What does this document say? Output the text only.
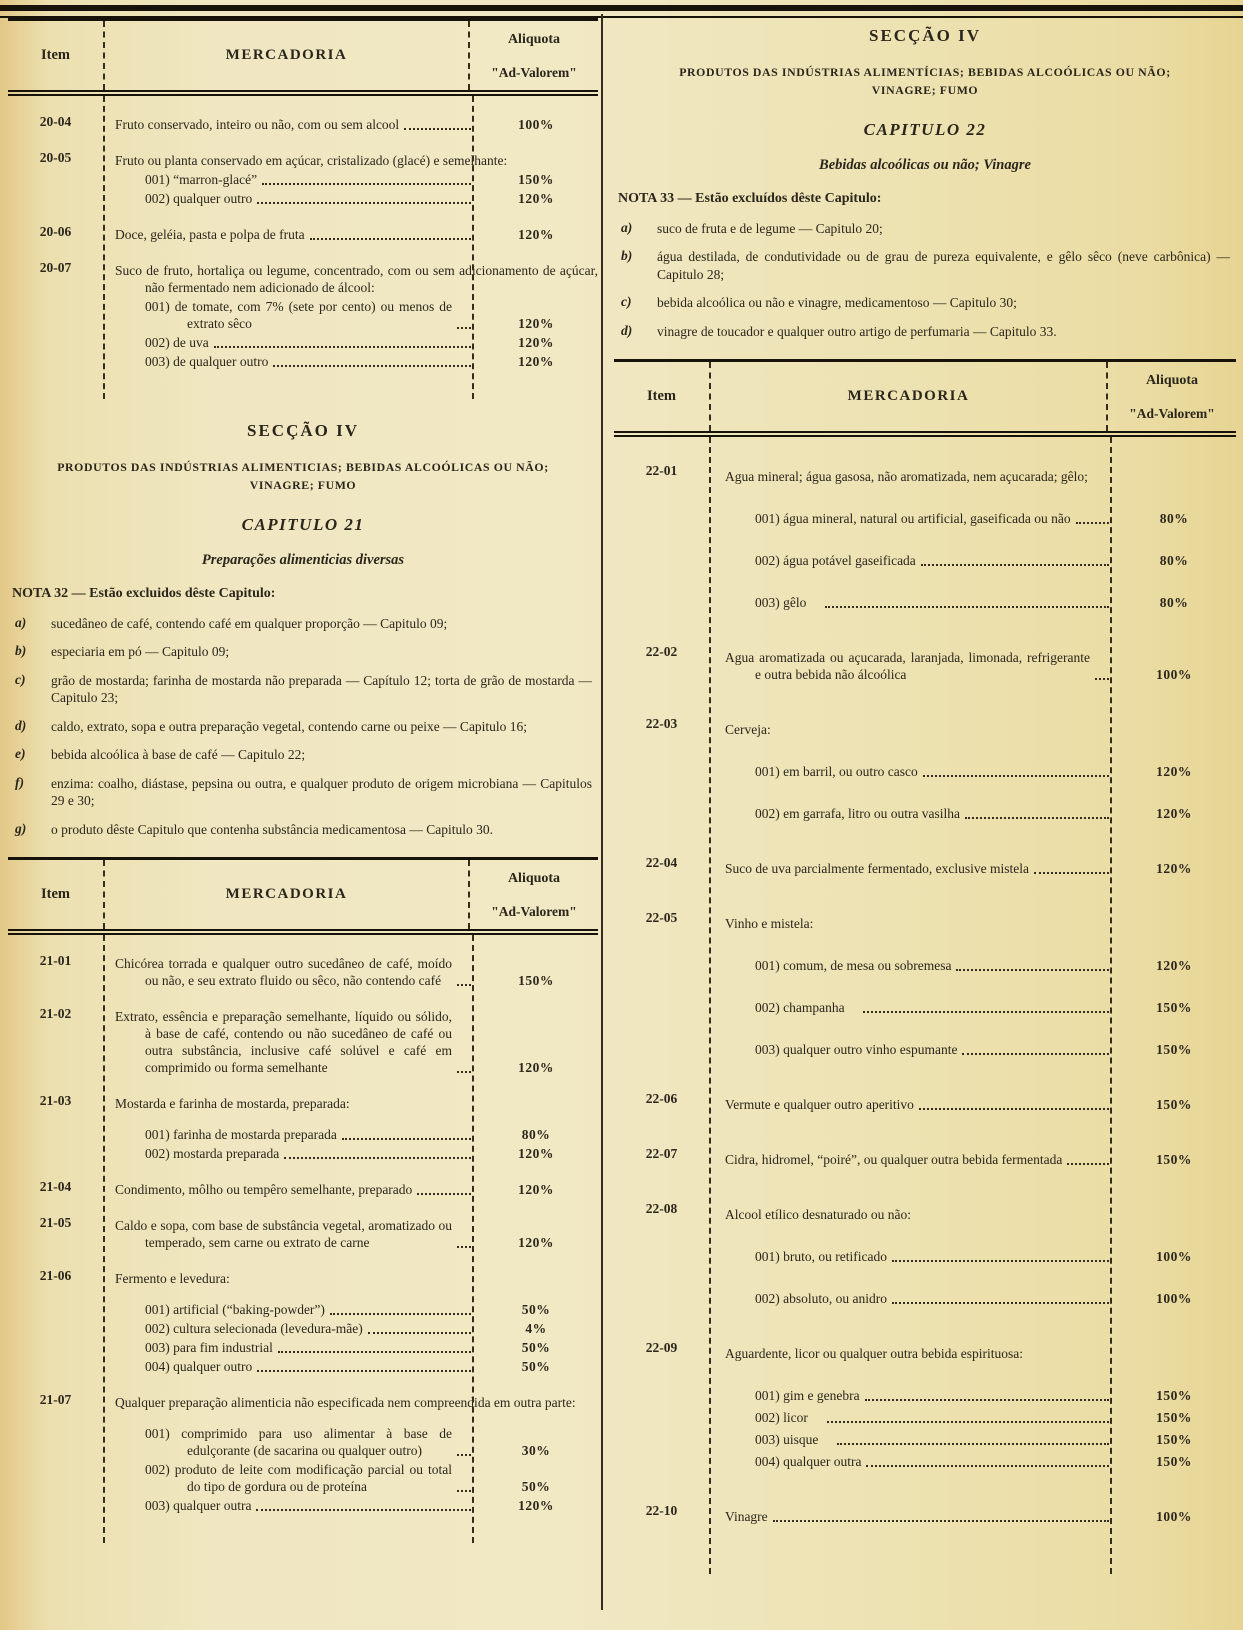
Item	MERCADORIA
Aliquota
"Ad-Valorem"
20-04	Fruto conservado, inteiro ou não, com ou sem alcool	100%
20-05	Fruto ou planta conservado em açúcar, cristalizado (glacé) e semelhante:
001) “marron-glacé”	150%
002) qualquer outro	120%
20-06	Doce, geléia, pasta e polpa de fruta	120%
20-07	Suco de fruto, hortaliça ou legume, concentrado, com ou sem adicionamento de açúcar, não fermentado nem adicionado de álcool:
001) de tomate, com 7% (sete por cento) ou menos de extrato sêco	120%
002) de uva	120%
003) de qualquer outro	120%
SECÇÃO IV
PRODUTOS DAS INDÚSTRIAS ALIMENTICIAS; BEBIDAS ALCOÓLICAS OU NÃO;
VINAGRE; FUMO
CAPITULO 21
Preparações alimenticias diversas
NOTA 32 — Estão excluidos dêste Capitulo:
a)	sucedâneo de café, contendo café em qualquer proporção — Capitulo 09;
b)	especiaria em pó — Capitulo 09;
c)	grão de mostarda; farinha de mostarda não preparada — Capítulo 12; torta de grão de mostarda — Capitulo 23;
d)	caldo, extrato, sopa e outra preparação vegetal, contendo carne ou peixe — Capitulo 16;
e)	bebida alcoólica à base de café — Capitulo 22;
f)	enzima: coalho, diástase, pepsina ou outra, e qualquer produto de origem microbiana — Capitulos 29 e 30;
g)	o produto dêste Capitulo que contenha substância medicamentosa — Capitulo 30.
Item	MERCADORIA
Aliquota
"Ad-Valorem"
21-01	Chicórea torrada e qualquer outro sucedâneo de café, moído ou não, e seu extrato fluido ou sêco, não contendo café	150%
21-02	Extrato, essência e preparação semelhante, líquido ou sólido, à base de café, contendo ou não sucedâneo de café ou outra substância, inclusive café solúvel e café em comprimido ou forma semelhante	120%
21-03	Mostarda e farinha de mostarda, preparada:
001) farinha de mostarda preparada	80%
002) mostarda preparada	120%
21-04	Condimento, môlho ou tempêro semelhante, preparado	120%
21-05	Caldo e sopa, com base de substância vegetal, aromatizado ou temperado, sem carne ou extrato de carne	120%
21-06	Fermento e levedura:
001) artificial (“baking-powder”)	50%
002) cultura selecionada (levedura-mãe)	4%
003) para fim industrial	50%
004) qualquer outro	50%
21-07	Qualquer preparação alimenticia não especificada nem compreendida em outra parte:
001) comprimido para uso alimentar à base de edulçorante (de sacarina ou qualquer outro)	30%
002) produto de leite com modificação parcial ou total do tipo de gordura ou de proteína	50%
003) qualquer outra	120%
SECÇÃO IV
PRODUTOS DAS INDÚSTRIAS ALIMENTÍCIAS; BEBIDAS ALCOÓLICAS OU NÃO;
VINAGRE; FUMO
CAPITULO 22
Bebidas alcoólicas ou não; Vinagre
NOTA 33 — Estão excluídos dêste Capitulo:
a)	suco de fruta e de legume — Capitulo 20;
b)	água destilada, de condutividade ou de grau de pureza equivalente, e gêlo sêco (neve carbônica) — Capitulo 28;
c)	bebida alcoólica ou não e vinagre, medicamentoso — Capitulo 30;
d)	vinagre de toucador e qualquer outro artigo de perfumaria — Capitulo 33.
Item	MERCADORIA
Aliquota
"Ad-Valorem"
22-01	Agua mineral; água gasosa, não aromatizada, nem açucarada; gêlo;
001) água mineral, natural ou artificial, gaseificada ou não	80%
002) água potável gaseificada	80%
003) gêlo	80%
22-02	Agua aromatizada ou açucarada, laranjada, limonada, refrigerante e outra bebida não álcoólica	100%
22-03	Cerveja:
001) em barril, ou outro casco	120%
002) em garrafa, litro ou outra vasilha	120%
22-04	Suco de uva parcialmente fermentado, exclusive mistela	120%
22-05	Vinho e mistela:
001) comum, de mesa ou sobremesa	120%
002) champanha	150%
003) qualquer outro vinho espumante	150%
22-06	Vermute e qualquer outro aperitivo	150%
22-07	Cidra, hidromel, “poiré”, ou qualquer outra bebida fermentada	150%
22-08	Alcool etílico desnaturado ou não:
001) bruto, ou retificado	100%
002) absoluto, ou anidro	100%
22-09	Aguardente, licor ou qualquer outra bebida espirituosa:
001) gim e genebra	150%
002) licor	150%
003) uisque	150%
004) qualquer outra	150%
22-10	Vinagre	100%
